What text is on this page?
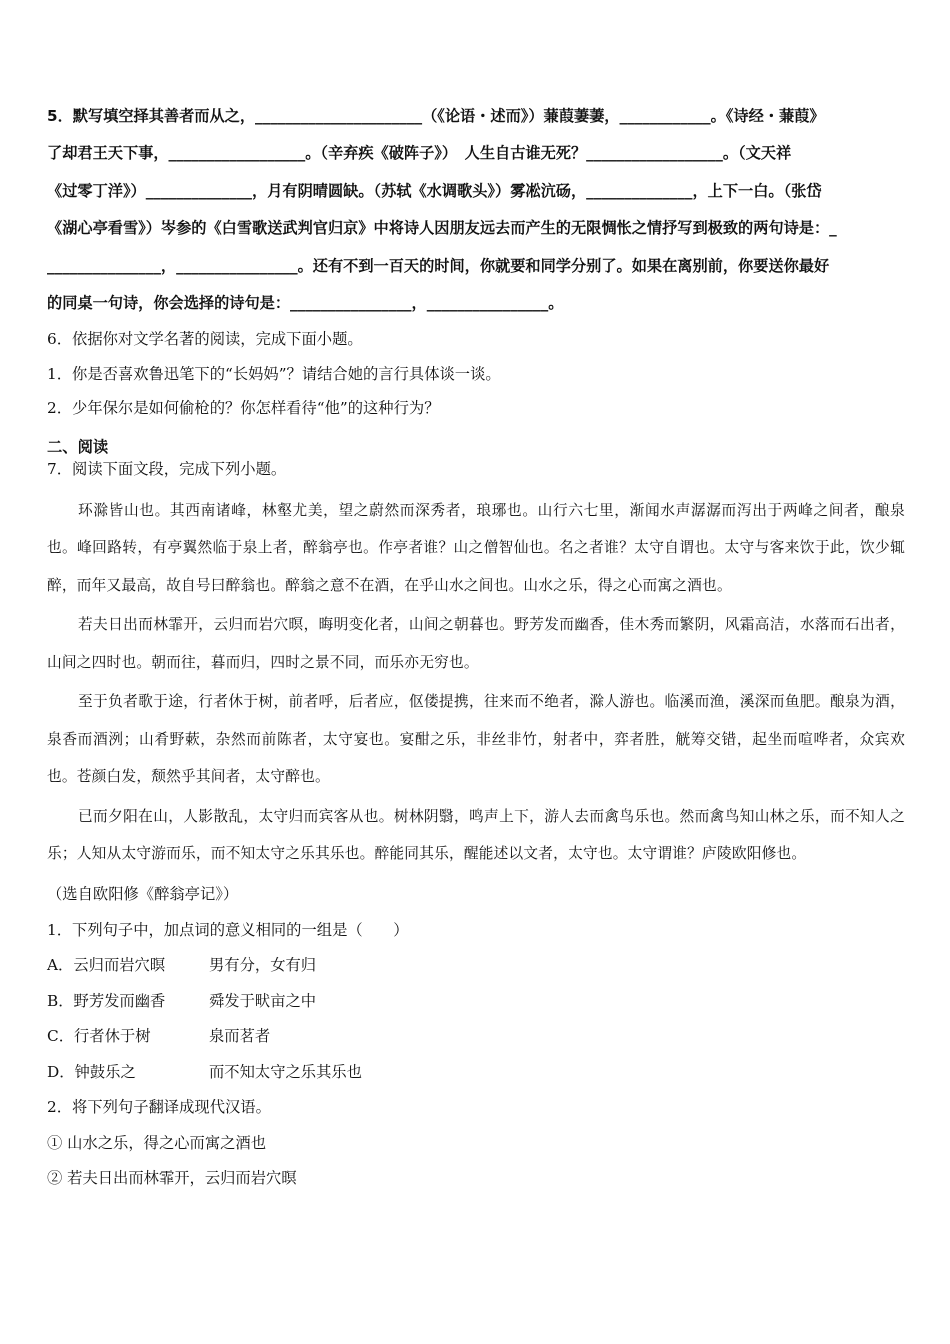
5．默写填空择其善者而从之，______________________（《论语・述而》）蒹葭萋萋，____________。《诗经・蒹葭》
了却君王天下事，__________________。（辛弃疾《破阵子》）　人生自古谁无死？__________________。（文天祥
《过零丁洋》）______________，月有阴晴圆缺。（苏轼《水调歌头》）雾凇沆砀，______________，上下一白。（张岱
《湖心亭看雪》）岑参的《白雪歌送武判官归京》中将诗人因朋友远去而产生的无限惆怅之情抒写到极致的两句诗是：_
_______________，________________。还有不到一百天的时间，你就要和同学分别了。如果在离别前，你要送你最好
的同桌一句诗，你会选择的诗句是：________________，________________。

6．依据你对文学名著的阅读，完成下面小题。

1．你是否喜欢鲁迅笔下的“长妈妈”？请结合她的言行具体谈一谈。

2．少年保尔是如何偷枪的？你怎样看待“他”的这种行为？

二、阅读

7．阅读下面文段，完成下列小题。

环滁皆山也。其西南诸峰，林壑尤美，望之蔚然而深秀者，琅琊也。山行六七里，渐闻水声潺潺而泻出于两峰之间者，酿泉也。峰回路转，有亭翼然临于泉上者，醉翁亭也。作亭者谁？山之僧智仙也。名之者谁？太守自谓也。太守与客来饮于此，饮少辄醉，而年又最高，故自号曰醉翁也。醉翁之意不在酒，在乎山水之间也。山水之乐，得之心而寓之酒也。

若夫日出而林霏开，云归而岩穴暝，晦明变化者，山间之朝暮也。野芳发而幽香，佳木秀而繁阴，风霜高洁，水落而石出者，山间之四时也。朝而往，暮而归，四时之景不同，而乐亦无穷也。

至于负者歌于途，行者休于树，前者呼，后者应，伛偻提携，往来而不绝者，滁人游也。临溪而渔，溪深而鱼肥。酿泉为酒，泉香而酒洌；山肴野蔌，杂然而前陈者，太守宴也。宴酣之乐，非丝非竹，射者中，弈者胜，觥筹交错，起坐而喧哗者，众宾欢也。苍颜白发，颓然乎其间者，太守醉也。

已而夕阳在山，人影散乱，太守归而宾客从也。树林阴翳，鸣声上下，游人去而禽鸟乐也。然而禽鸟知山林之乐，而不知人之乐；人知从太守游而乐，而不知太守之乐其乐也。醉能同其乐，醒能述以文者，太守也。太守谓谁？庐陵欧阳修也。

（选自欧阳修《醉翁亭记》）

1．下列句子中，加点词的意义相同的一组是（　　）

A．云归而岩穴暝	男有分，女有归

B．野芳发而幽香	舜发于畎亩之中

C．行者休于树	泉而茗者

D．钟鼓乐之	而不知太守之乐其乐也

2．将下列句子翻译成现代汉语。

① 山水之乐，得之心而寓之酒也

② 若夫日出而林霏开，云归而岩穴暝
